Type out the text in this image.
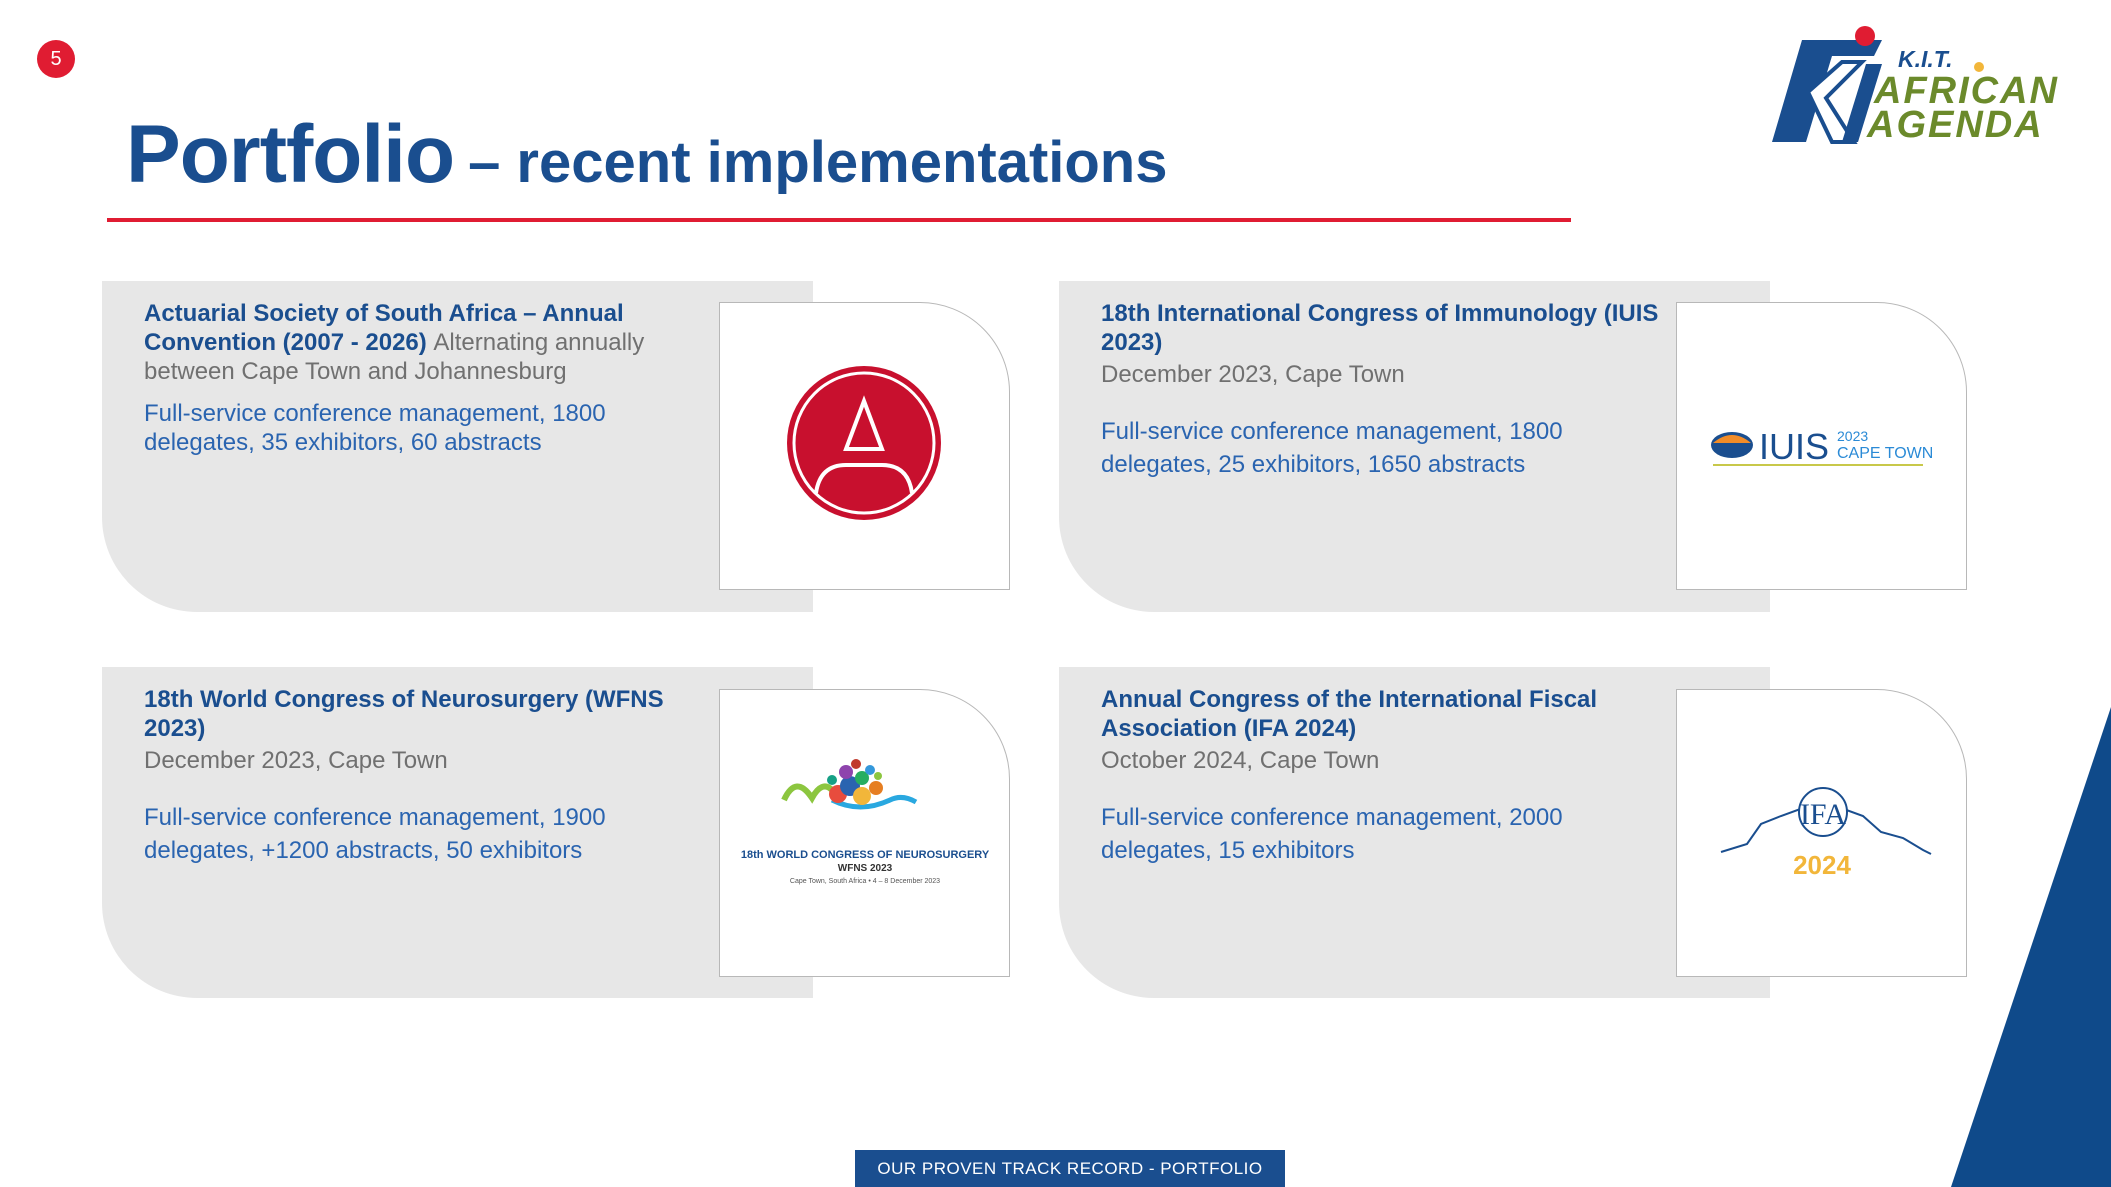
5
Portfolio – recent implementations
K.I.T.
AFRICAN
AGENDA
Actuarial Society of South Africa – Annual Convention (2007 - 2026) Alternating annually between Cape Town and Johannesburg
Full-service conference management, 1800 delegates, 35 exhibitors, 60 abstracts
18th International Congress of Immunology (IUIS 2023)
December 2023, Cape Town
Full-service conference management, 1800 delegates, 25 exhibitors, 1650 abstracts	IUIS 2023
CAPE TOWN
18th World Congress of Neurosurgery (WFNS 2023)
December 2023, Cape Town
Full-service conference management, 1900 delegates, +1200 abstracts, 50 exhibitors	18th WORLD CONGRESS OF NEUROSURGERY
WFNS 2023
Cape Town, South Africa • 4 – 8 December 2023
Annual Congress of the International Fiscal Association (IFA 2024)
October 2024, Cape Town
Full-service conference management, 2000 delegates, 15 exhibitors
IFA
2024
OUR PROVEN TRACK RECORD - PORTFOLIO
